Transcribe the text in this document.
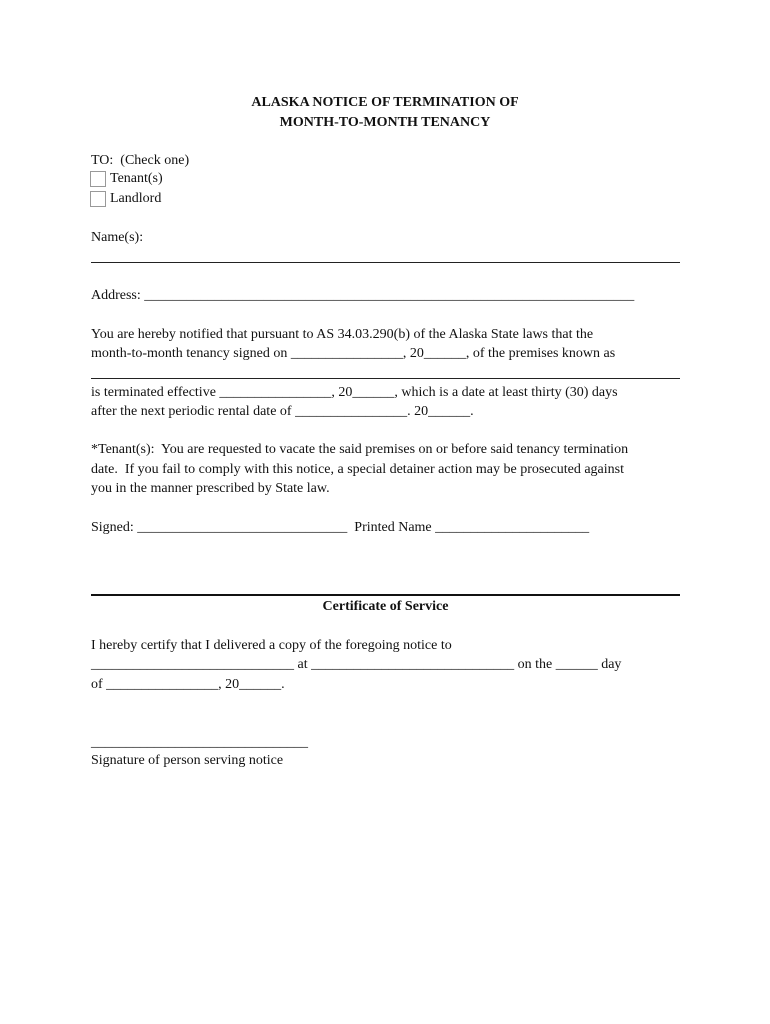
ALASKA NOTICE OF TERMINATION OF
MONTH-TO-MONTH TENANCY
TO:  (Check one)
Tenant(s)
Landlord
Name(s):
Address: ______________________________________________________________________
You are hereby notified that pursuant to AS 34.03.290(b) of the Alaska State laws that the
month-to-month tenancy signed on ________________, 20______, of the premises known as
is terminated effective ________________, 20______, which is a date at least thirty (30) days
after the next periodic rental date of ________________. 20______.
*Tenant(s):  You are requested to vacate the said premises on or before said tenancy termination
date.  If you fail to comply with this notice, a special detainer action may be prosecuted against
you in the manner prescribed by State law.
Signed: ______________________________  Printed Name ______________________
Certificate of Service
I hereby certify that I delivered a copy of the foregoing notice to
_____________________________ at _____________________________ on the ______ day
of ________________, 20______.
_______________________________
Signature of person serving notice
